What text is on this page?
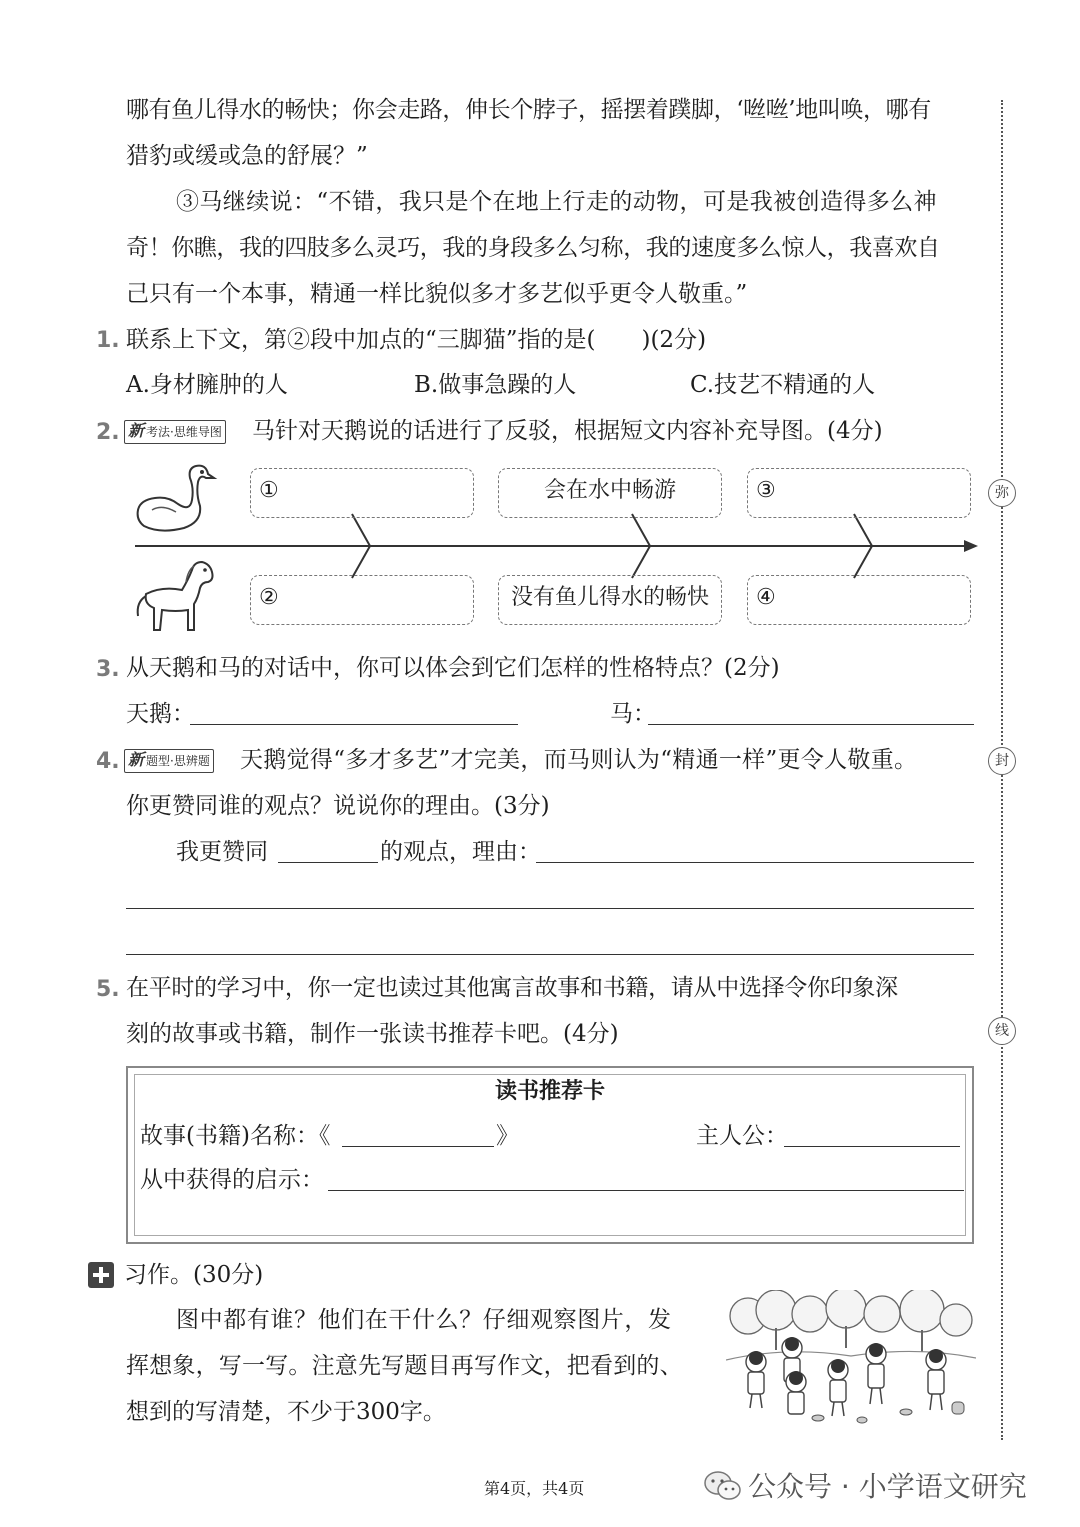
弥
封
线
哪有鱼儿得水的畅快；你会走路，伸长个脖子，摇摆着蹼脚，‘咝咝’地叫唤，哪有
猎豹或缓或急的舒展？”
③马继续说：“不错，我只是个在地上行走的动物，可是我被创造得多么神
奇！你瞧，我的四肢多么灵巧，我的身段多么匀称，我的速度多么惊人，我喜欢自
己只有一个本事，精通一样比貌似多才多艺似乎更令人敬重。”
1. 联系上下文，第②段中加点的“三脚猫”指的是(　　)(2分)
A.身材臃肿的人	B.做事急躁的人	C.技艺不精通的人
2. 新 考法·思维导图 马针对天鹅说的话进行了反驳，根据短文内容补充导图。(4分)
①	会在水中畅游	③
②	没有鱼儿得水的畅快	④
3. 从天鹅和马的对话中，你可以体会到它们怎样的性格特点？(2分)
天鹅：	马：
4. 新 题型·思辨题 天鹅觉得“多才多艺”才完美，而马则认为“精通一样”更令人敬重。
你更赞同谁的观点？说说你的理由。(3分)
我更赞同	的观点，理由：
5. 在平时的学习中，你一定也读过其他寓言故事和书籍，请从中选择令你印象深
刻的故事或书籍，制作一张读书推荐卡吧。(4分)
读书推荐卡
故事(书籍)名称：《	》	主人公：
从中获得的启示：
习作。(30分)
图中都有谁？他们在干什么？仔细观察图片，发
挥想象，写一写。注意先写题目再写作文，把看到的、
想到的写清楚，不少于300字。
第4页，共4页	公众号 · 小学语文研究
